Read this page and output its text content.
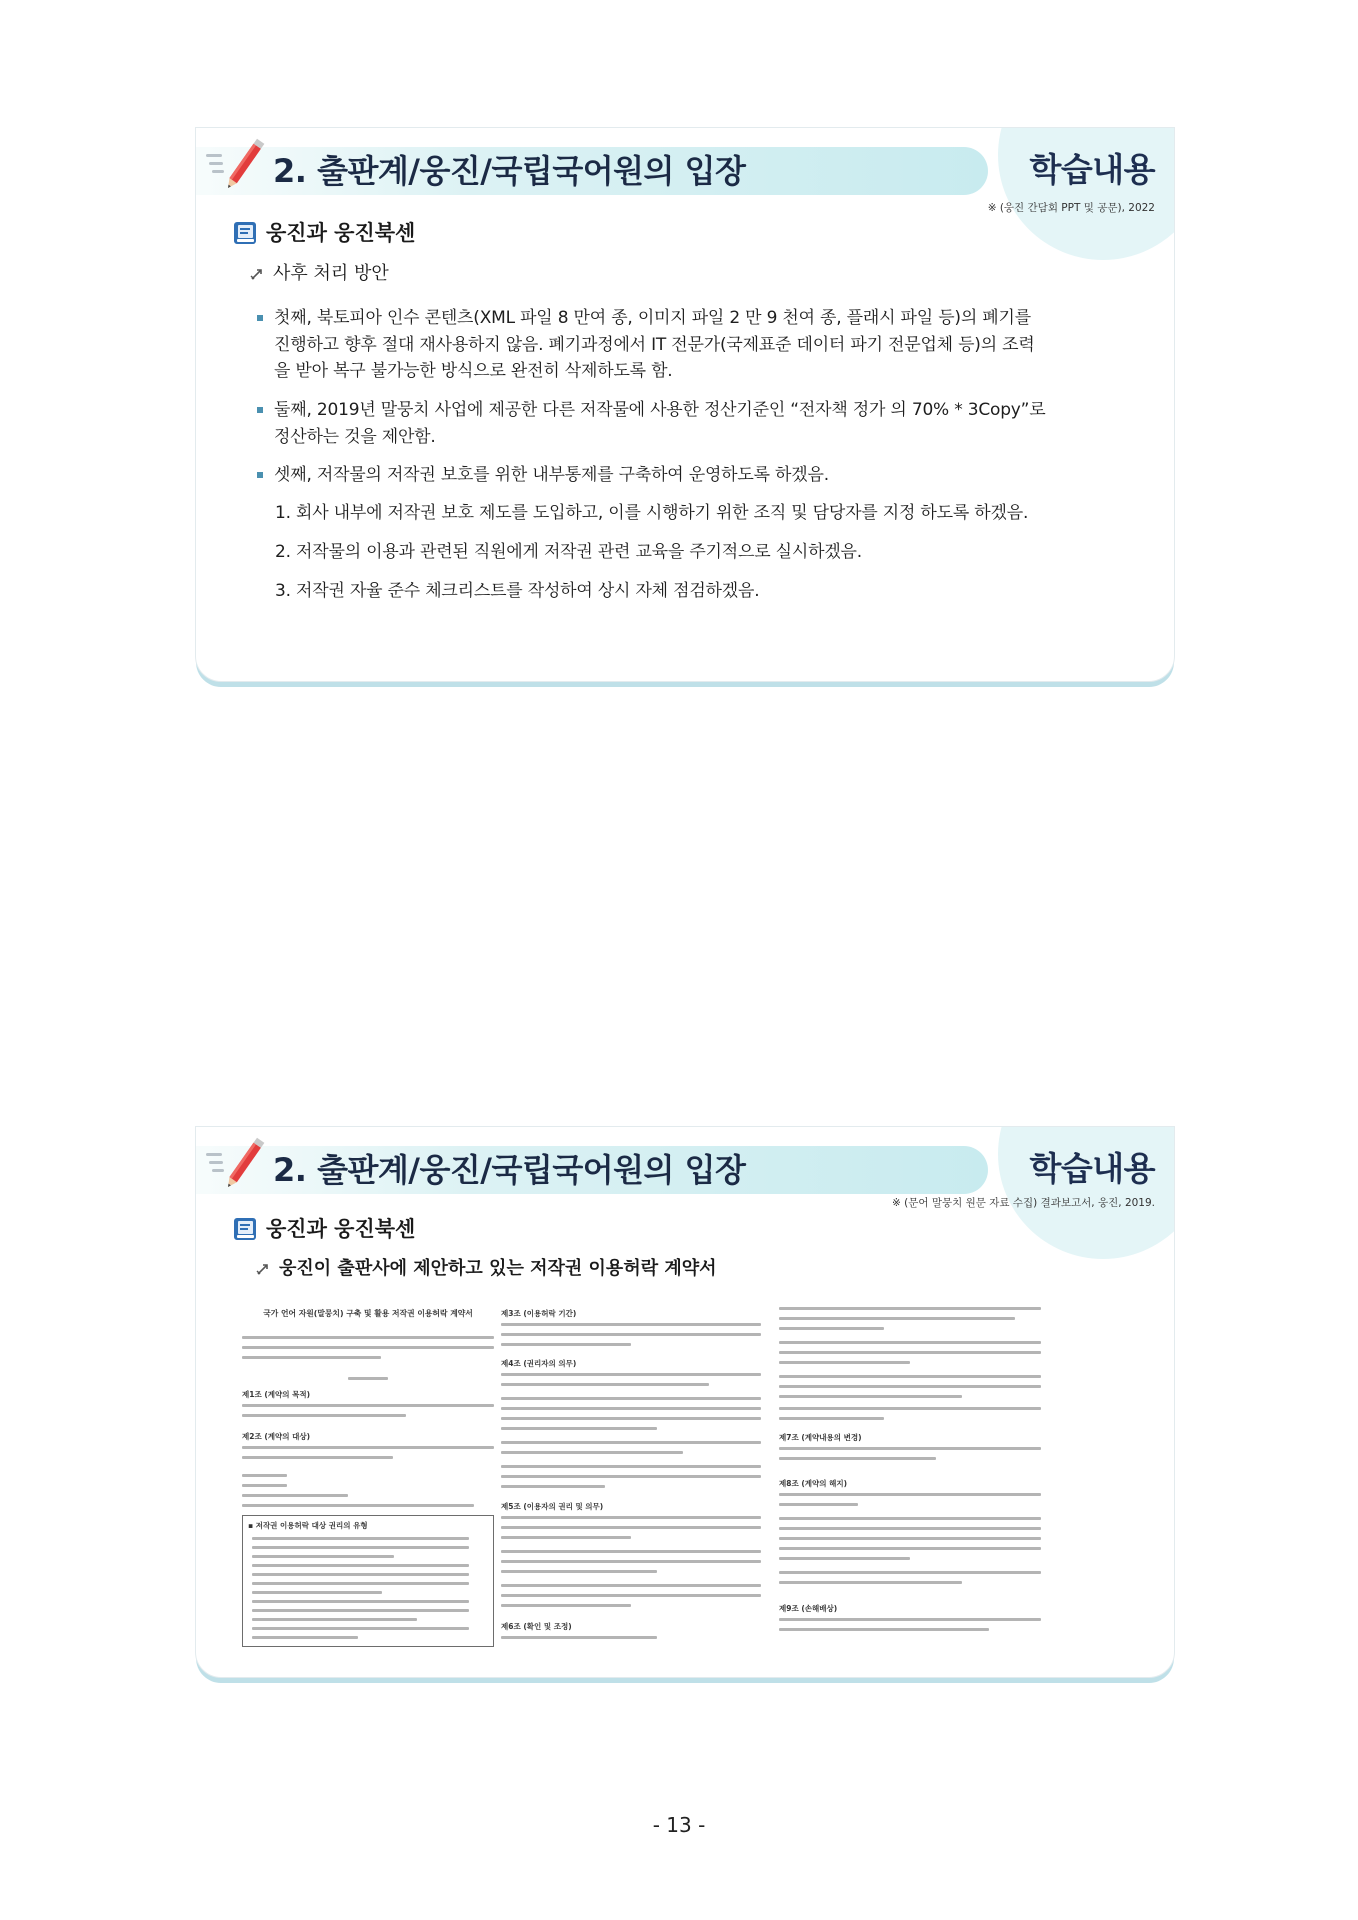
2. 출판계/웅진/국립국어원의 입장	학습내용
※ (웅진 간담회 PPT 및 공문), 2022
웅진과 웅진북센
사후 처리 방안
첫째, 북토피아 인수 콘텐츠(XML 파일 8 만여 종, 이미지 파일 2 만 9 천여 종, 플래시 파일 등)의 폐기를
진행하고 향후 절대 재사용하지 않음. 폐기과정에서 IT 전문가(국제표준 데이터 파기 전문업체 등)의 조력
을 받아 복구 불가능한 방식으로 완전히 삭제하도록 함.
둘째, 2019년 말뭉치 사업에 제공한 다른 저작물에 사용한 정산기준인 “전자책 정가 의 70% * 3Copy”로
정산하는 것을 제안함.
셋째, 저작물의 저작권 보호를 위한 내부통제를 구축하여 운영하도록 하겠음.
1. 회사 내부에 저작권 보호 제도를 도입하고, 이를 시행하기 위한 조직 및 담당자를 지정 하도록 하겠음.
2. 저작물의 이용과 관련된 직원에게 저작권 관련 교육을 주기적으로 실시하겠음.
3. 저작권 자율 준수 체크리스트를 작성하여 상시 자체 점검하겠음.
2. 출판계/웅진/국립국어원의 입장	학습내용
※ (문어 말뭉치 원문 자료 수집) 결과보고서, 웅진, 2019.
웅진과 웅진북센
웅진이 출판사에 제안하고 있는 저작권 이용허락 계약서
국가 언어 자원(말뭉치) 구축 및 활용 저작권 이용허락 계약서
제1조 (계약의 목적)
제2조 (계약의 대상)
▪ 저작권 이용허락 대상 권리의 유형
제3조 (이용허락 기간)
제4조 (권리자의 의무)
제5조 (이용자의 권리 및 의무)
제6조 (확인 및 조정)
제7조 (계약내용의 변경)
제8조 (계약의 해지)
제9조 (손해배상)
- 13 -
